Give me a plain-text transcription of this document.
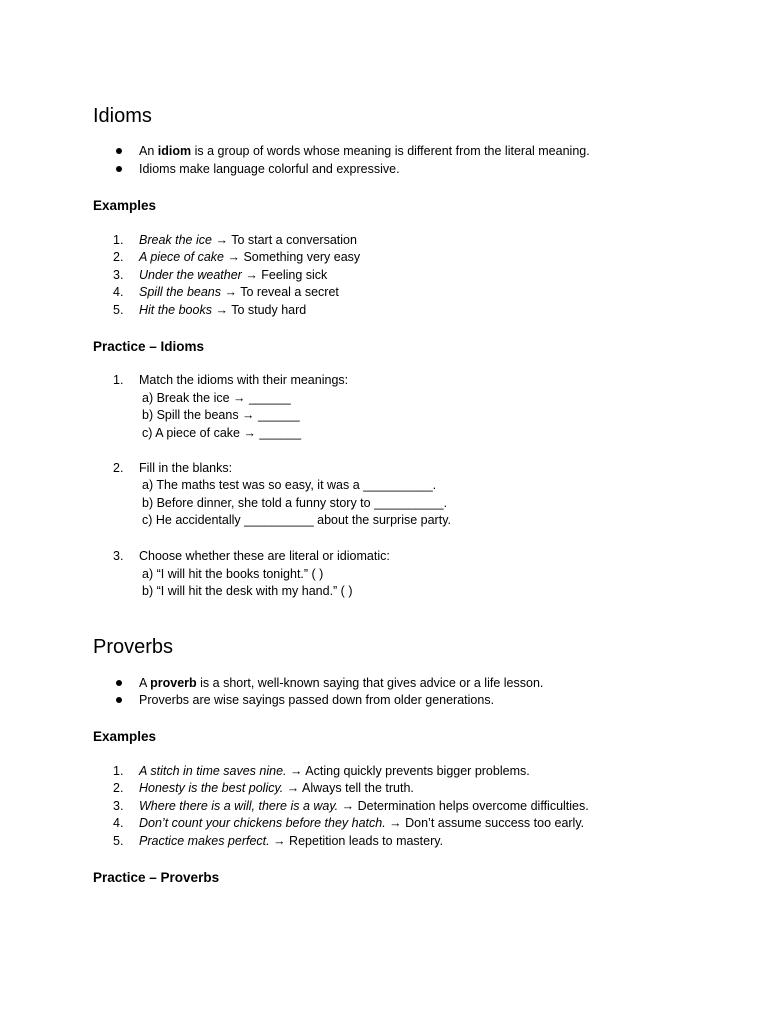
Idioms
An idiom is a group of words whose meaning is different from the literal meaning.
Idioms make language colorful and expressive.
Examples
1. Break the ice → To start a conversation
2. A piece of cake → Something very easy
3. Under the weather → Feeling sick
4. Spill the beans → To reveal a secret
5. Hit the books → To study hard
Practice – Idioms
1. Match the idioms with their meanings:
a) Break the ice → ______
b) Spill the beans → ______
c) A piece of cake → ______
2. Fill in the blanks:
a) The maths test was so easy, it was a __________.
b) Before dinner, she told a funny story to __________.
c) He accidentally __________ about the surprise party.
3. Choose whether these are literal or idiomatic:
a) “I will hit the books tonight.” ( )
b) “I will hit the desk with my hand.” ( )
Proverbs
A proverb is a short, well-known saying that gives advice or a life lesson.
Proverbs are wise sayings passed down from older generations.
Examples
1. A stitch in time saves nine. → Acting quickly prevents bigger problems.
2. Honesty is the best policy. → Always tell the truth.
3. Where there is a will, there is a way. → Determination helps overcome difficulties.
4. Don’t count your chickens before they hatch. → Don’t assume success too early.
5. Practice makes perfect. → Repetition leads to mastery.
Practice – Proverbs
